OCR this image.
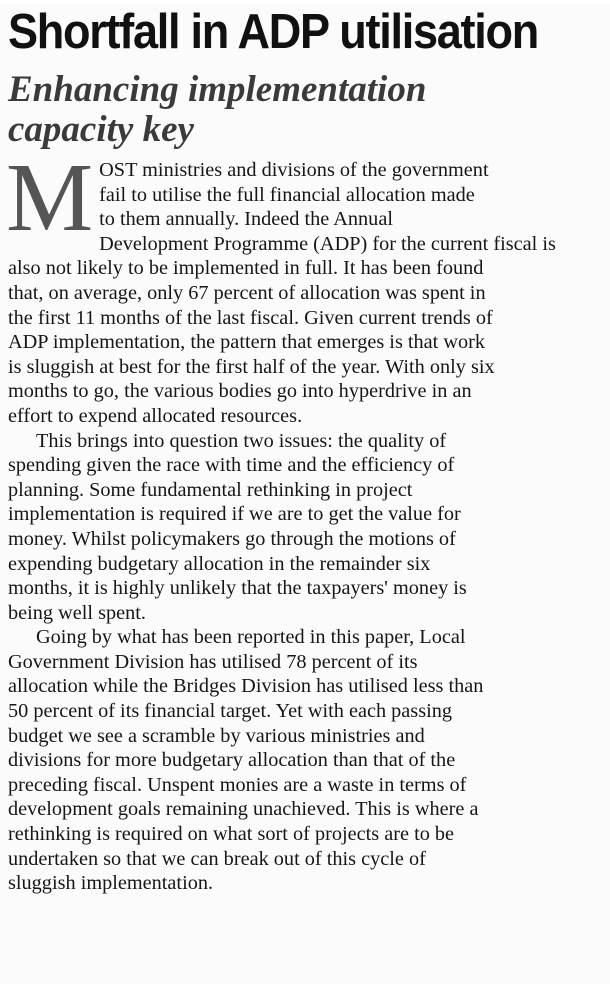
Shortfall in ADP utilisation
Enhancing implementation
capacity key

M OST ministries and divisions of the government
fail to utilise the full financial allocation made
to them annually. Indeed the Annual
Development Programme (ADP) for the current fiscal is
also not likely to be implemented in full. It has been found
that, on average, only 67 percent of allocation was spent in
the first 11 months of the last fiscal. Given current trends of
ADP implementation, the pattern that emerges is that work
is sluggish at best for the first half of the year. With only six
months to go, the various bodies go into hyperdrive in an
effort to expend allocated resources.

This brings into question two issues: the quality of
spending given the race with time and the efficiency of
planning. Some fundamental rethinking in project
implementation is required if we are to get the value for
money. Whilst policymakers go through the motions of
expending budgetary allocation in the remainder six
months, it is highly unlikely that the taxpayers' money is
being well spent.

Going by what has been reported in this paper, Local
Government Division has utilised 78 percent of its
allocation while the Bridges Division has utilised less than
50 percent of its financial target. Yet with each passing
budget we see a scramble by various ministries and
divisions for more budgetary allocation than that of the
preceding fiscal. Unspent monies are a waste in terms of
development goals remaining unachieved. This is where a
rethinking is required on what sort of projects are to be
undertaken so that we can break out of this cycle of
sluggish implementation.
